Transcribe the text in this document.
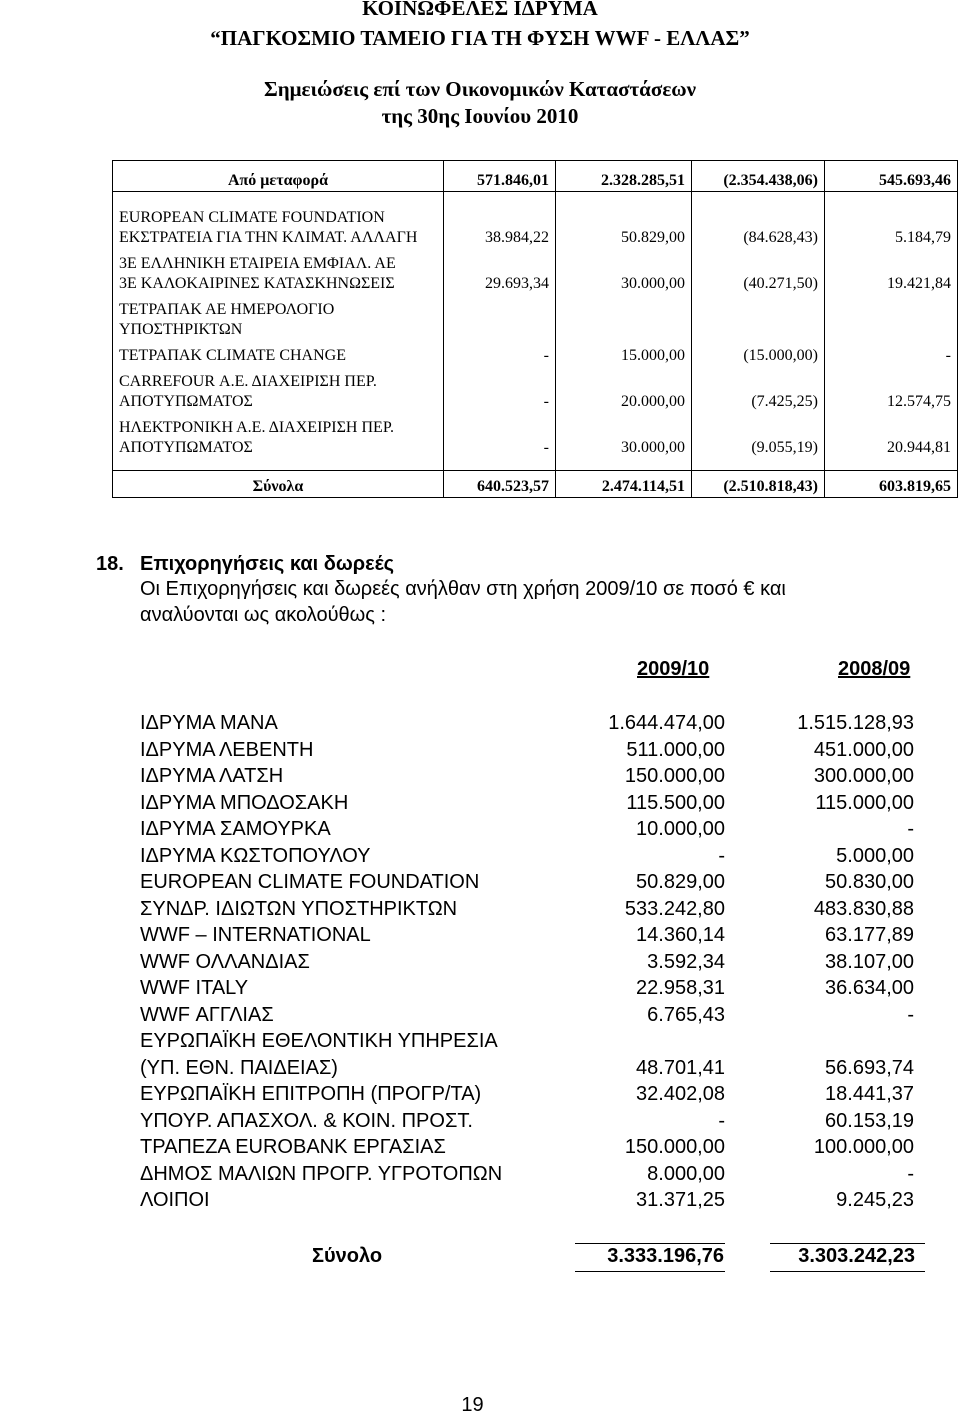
ΚΟΙΝΩΦΕΛΕΣ ΙΔΡΥΜΑ
“ΠΑΓΚΟΣΜΙΟ ΤΑΜΕΙΟ ΓΙΑ ΤΗ ΦΥΣΗ WWF - ΕΛΛΑΣ”
Σημειώσεις επί των Οικονομικών Καταστάσεων
της 30ης Ιουνίου 2010
Από μεταφορά	571.846,01	2.328.285,51	(2.354.438,06)	545.693,46

EUROPEAN CLIMATE FOUNDATION
ΕΚΣΤΡΑΤΕΙΑ ΓΙΑ ΤΗΝ ΚΛΙΜΑΤ. ΑΛΛΑΓΗ	38.984,22	50.829,00	(84.628,43)	5.184,79

3Ε ΕΛΛΗΝΙΚΗ ΕΤΑΙΡΕΙΑ ΕΜΦΙΑΛ. ΑΕ
3Ε ΚΑΛΟΚΑΙΡΙΝΕΣ ΚΑΤΑΣΚΗΝΩΣΕΙΣ	29.693,34	30.000,00	(40.271,50)	19.421,84

ΤΕΤΡΑΠΑΚ ΑΕ ΗΜΕΡΟΛΟΓΙΟ
ΥΠΟΣΤΗΡΙΚΤΩΝ				

ΤΕΤΡΑΠΑΚ CLIMATE CHANGE	-	15.000,00	(15.000,00)	-

CARREFOUR Α.Ε. ΔΙΑΧΕΙΡΙΣΗ ΠΕΡ.
ΑΠΟΤΥΠΩΜΑΤΟΣ	-	20.000,00	(7.425,25)	12.574,75

ΗΛΕΚΤΡΟΝΙΚΗ Α.Ε. ΔΙΑΧΕΙΡΙΣΗ ΠΕΡ.
ΑΠΟΤΥΠΩΜΑΤΟΣ	-	30.000,00	(9.055,19)	20.944,81

Σύνολα	640.523,57	2.474.114,51	(2.510.818,43)	603.819,65
18. Επιχορηγήσεις και δωρεές
Οι Επιχορηγήσεις και δωρεές ανήλθαν στη χρήση 2009/10 σε ποσό € και
αναλύονται ως ακολούθως :
2009/10	2008/09
ΙΔΡΥΜΑ ΜΑΝΑ	1.644.474,00	1.515.128,93
ΙΔΡΥΜΑ ΛΕΒΕΝΤΗ	511.000,00	451.000,00
ΙΔΡΥΜΑ ΛΑΤΣΗ	150.000,00	300.000,00
ΙΔΡΥΜΑ ΜΠΟΔΟΣΑΚΗ	115.500,00	115.000,00
ΙΔΡΥΜΑ ΣΑΜΟΥΡΚΑ	10.000,00	-
ΙΔΡΥΜΑ ΚΩΣΤΟΠΟΥΛΟΥ	-	5.000,00
EUROPEAN CLIMATE FOUNDATION	50.829,00	50.830,00
ΣΥΝΔΡ. ΙΔΙΩΤΩΝ ΥΠΟΣΤΗΡΙΚΤΩΝ	533.242,80	483.830,88
WWF – INTERNATIONAL	14.360,14	63.177,89
WWF ΟΛΛΑΝΔΙΑΣ	3.592,34	38.107,00
WWF ITALY	22.958,31	36.634,00
WWF ΑΓΓΛΙΑΣ	6.765,43	-
ΕΥΡΩΠΑΪΚΗ ΕΘΕΛΟΝΤΙΚΗ ΥΠΗΡΕΣΙΑ
(ΥΠ. ΕΘΝ. ΠΑΙΔΕΙΑΣ)	48.701,41	56.693,74
ΕΥΡΩΠΑΪΚΗ ΕΠΙΤΡΟΠΗ (ΠΡΟΓΡ/ΤΑ)	32.402,08	18.441,37
ΥΠΟΥΡ. ΑΠΑΣΧΟΛ. & ΚΟΙΝ. ΠΡΟΣΤ.	-	60.153,19
ΤΡΑΠΕΖΑ EUROBANK ΕΡΓΑΣΙΑΣ	150.000,00	100.000,00
ΔΗΜΟΣ ΜΑΛΙΩΝ ΠΡΟΓΡ. ΥΓΡΟΤΟΠΩΝ	8.000,00	-
ΛΟΙΠΟΙ	31.371,25	9.245,23
Σύνολο	3.333.196,76	3.303.242,23
19
